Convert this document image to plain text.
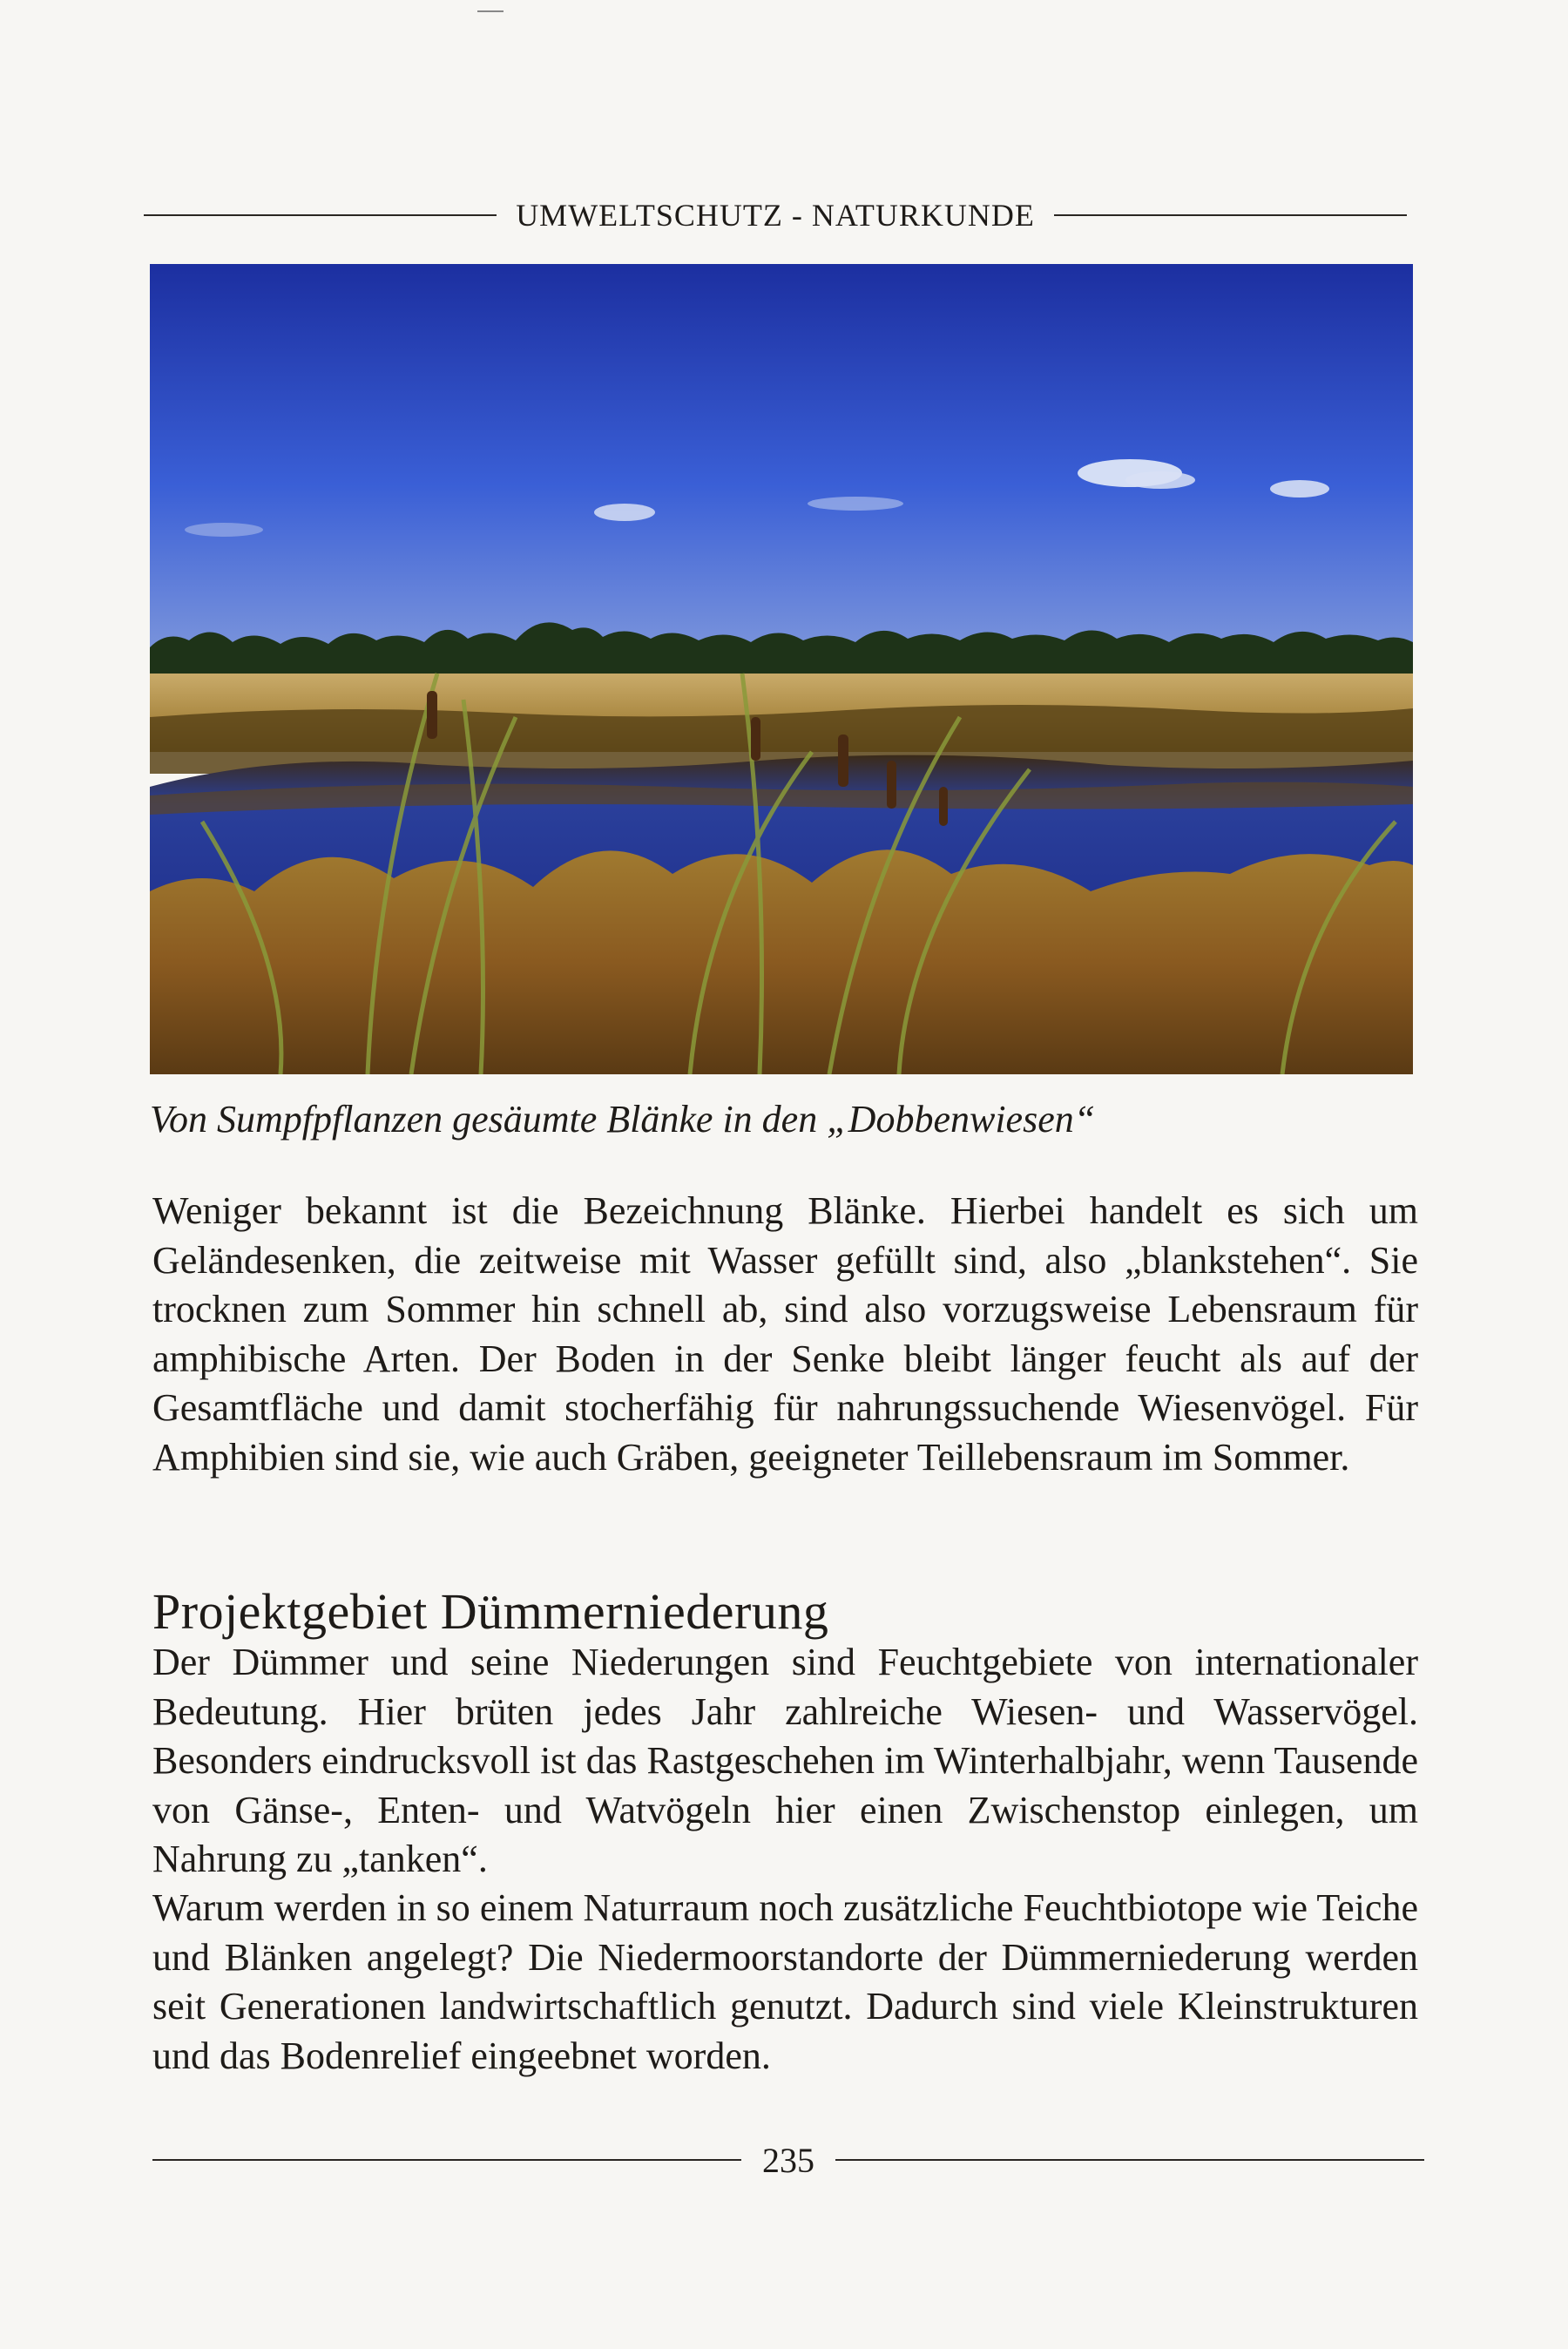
UMWELTSCHUTZ - NATURKUNDE
Von Sumpfpflanzen gesäumte Blänke in den „Dobbenwiesen“

Weniger bekannt ist die Bezeichnung Blänke. Hierbei handelt es sich um Geländesenken, die zeitweise mit Wasser gefüllt sind, also „blankstehen“. Sie trocknen zum Sommer hin schnell ab, sind also vorzugsweise Lebensraum für amphibische Arten. Der Boden in der Senke bleibt länger feucht als auf der Gesamtfläche und damit stocherfähig für nahrungssuchende Wiesenvögel. Für Amphibien sind sie, wie auch Gräben, geeigneter Teillebensraum im Sommer.

Projektgebiet Dümmerniederung

Der Dümmer und seine Niederungen sind Feuchtgebiete von internationaler Bedeutung. Hier brüten jedes Jahr zahlreiche Wiesen- und Wasservögel. Besonders eindrucksvoll ist das Rastgeschehen im Winterhalbjahr, wenn Tausende von Gänse-, Enten- und Watvögeln hier einen Zwischenstop einlegen, um Nahrung zu „tanken“.

Warum werden in so einem Naturraum noch zusätzliche Feuchtbiotope wie Teiche und Blänken angelegt? Die Niedermoorstandorte der Dümmerniederung werden seit Generationen landwirtschaftlich genutzt. Dadurch sind viele Kleinstrukturen und das Bodenrelief eingeebnet worden.

235
